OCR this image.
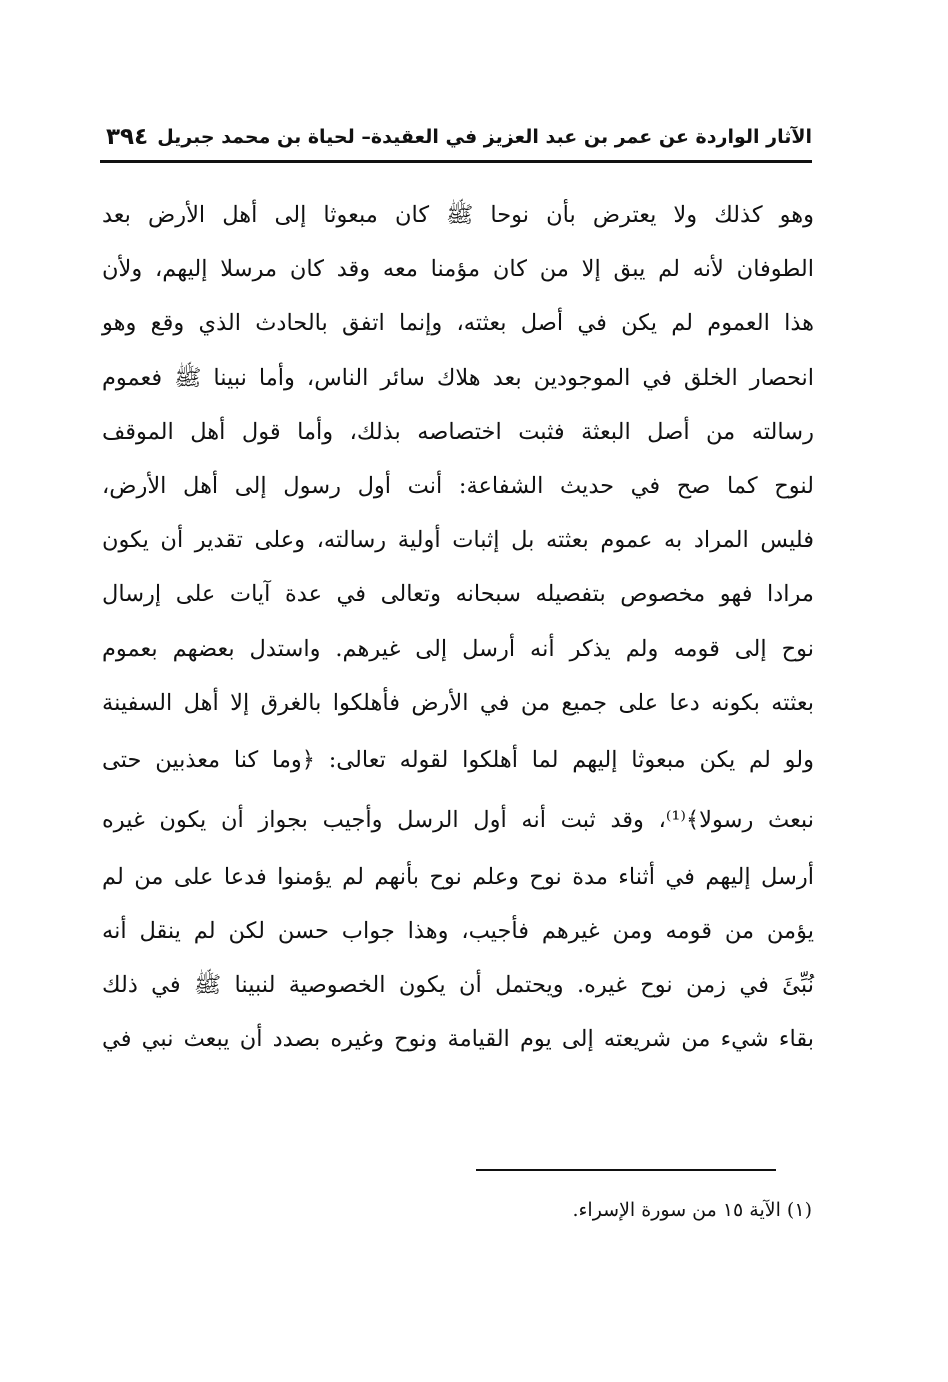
الآثار الواردة عن عمر بن عبد العزيز في العقيدة– لحياة بن محمد جبريل
٣٩٤
وهو كذلك ولا يعترض بأن نوحا ﷺ كان مبعوثا إلى أهل الأرض بعد
الطوفان لأنه لم يبق إلا من كان مؤمنا معه وقد كان مرسلا إليهم، ولأن
هذا العموم لم يكن في أصل بعثته، وإنما اتفق بالحادث الذي وقع وهو
انحصار الخلق في الموجودين بعد هلاك سائر الناس، وأما نبينا ﷺ فعموم
رسالته من أصل البعثة فثبت اختصاصه بذلك، وأما قول أهل الموقف
لنوح كما صح في حديث الشفاعة: أنت أول رسول إلى أهل الأرض،
فليس المراد به عموم بعثته بل إثبات أولية رسالته، وعلى تقدير أن يكون
مرادا فهو مخصوص بتفصيله سبحانه وتعالى في عدة آيات على إرسال
نوح إلى قومه ولم يذكر أنه أرسل إلى غيرهم. واستدل بعضهم بعموم
بعثته بكونه دعا على جميع من في الأرض فأهلكوا بالغرق إلا أهل السفينة
ولو لم يكن مبعوثا إليهم لما أهلكوا لقوله تعالى: ﴿وما كنا معذبين حتى
نبعث رسولا﴾⁽¹⁾، وقد ثبت أنه أول الرسل وأجيب بجواز أن يكون غيره
أرسل إليهم في أثناء مدة نوح وعلم نوح بأنهم لم يؤمنوا فدعا على من لم
يؤمن من قومه ومن غيرهم فأجيب، وهذا جواب حسن لكن لم ينقل أنه
نُبِّئَ في زمن نوح غيره. ويحتمل أن يكون الخصوصية لنبينا ﷺ في ذلك
بقاء شيء من شريعته إلى يوم القيامة ونوح وغيره بصدد أن يبعث نبي في
(١) الآية ١٥ من سورة الإسراء.
